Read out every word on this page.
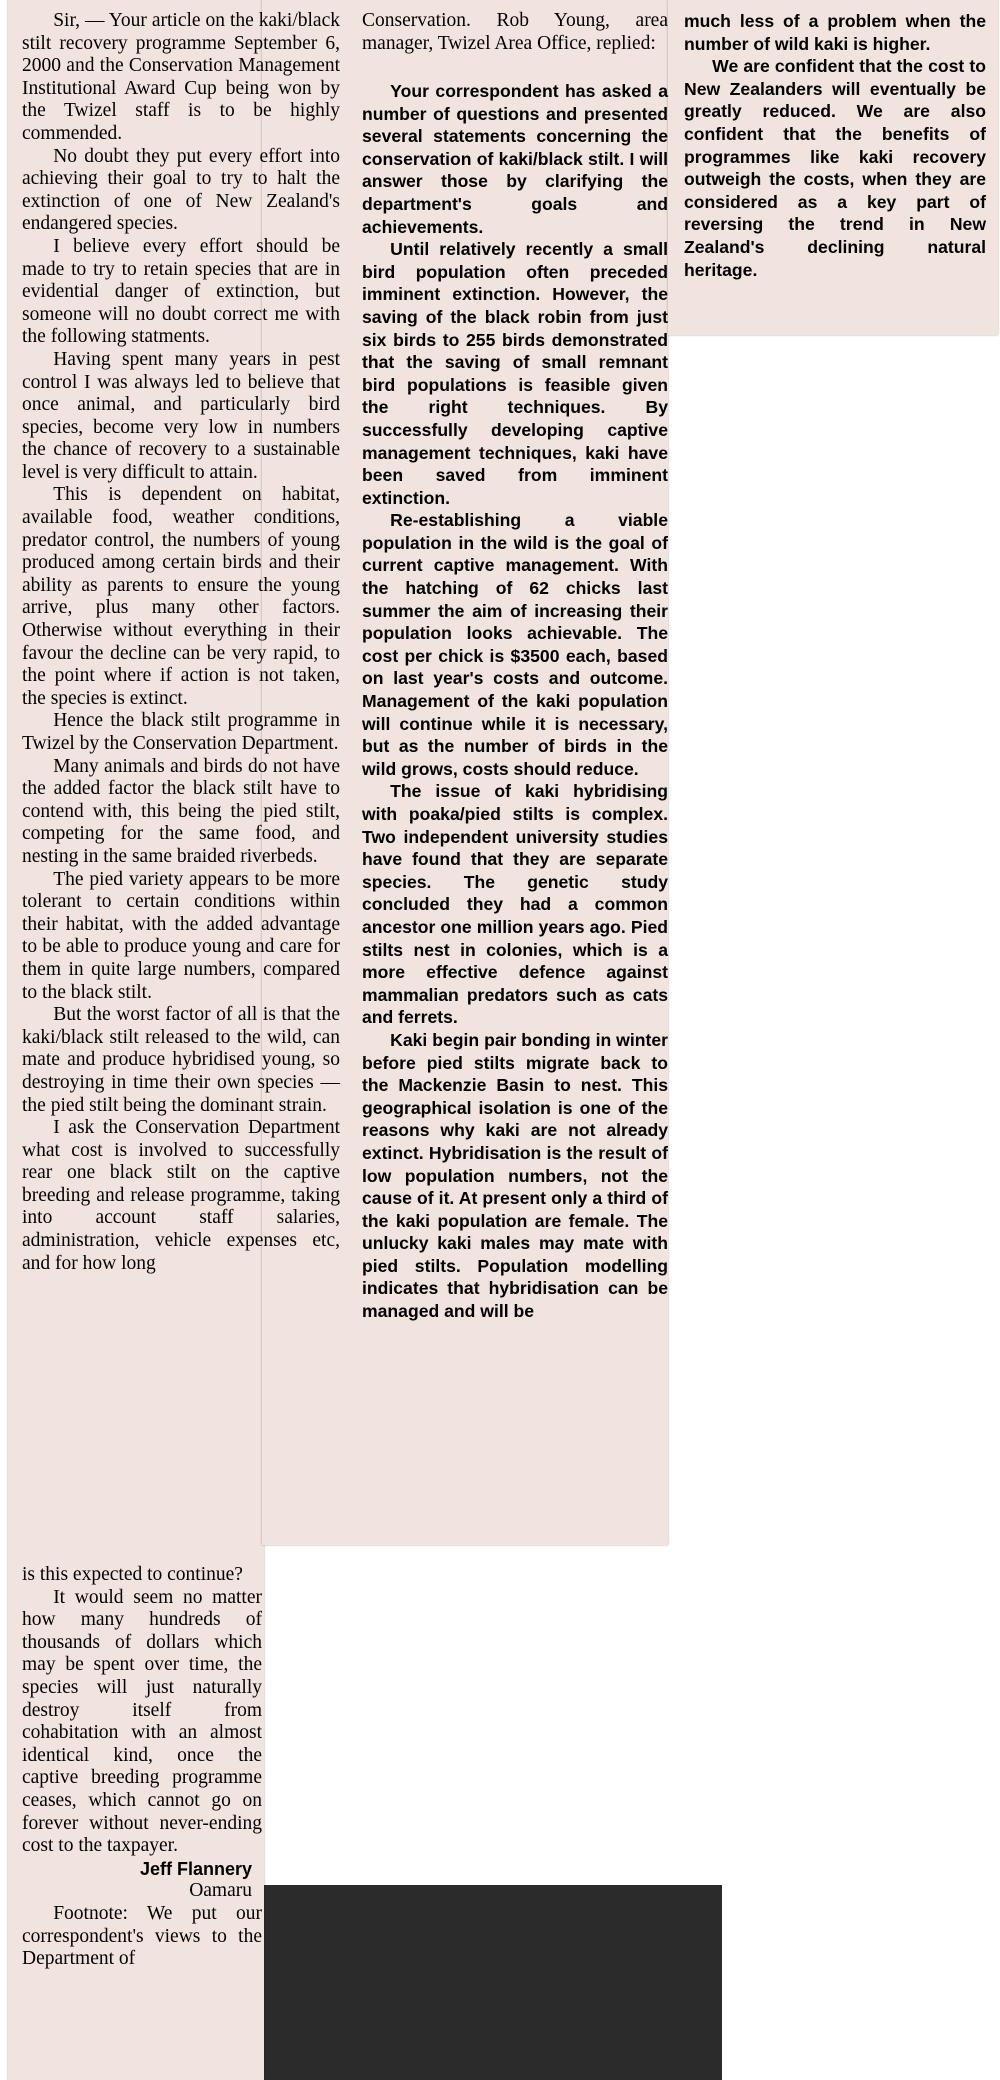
Sir, — Your article on the kaki/black stilt recovery programme September 6, 2000 and the Conservation Management Institutional Award Cup being won by the Twizel staff is to be highly commended.

No doubt they put every effort into achieving their goal to try to halt the extinction of one of New Zealand's endangered species.

I believe every effort should be made to try to retain species that are in evidential danger of extinction, but someone will no doubt correct me with the following statments.

Having spent many years in pest control I was always led to believe that once animal, and particularly bird species, become very low in numbers the chance of recovery to a sustainable level is very difficult to attain.

This is dependent on habitat, available food, weather conditions, predator control, the numbers of young produced among certain birds and their ability as parents to ensure the young arrive, plus many other factors. Otherwise without everything in their favour the decline can be very rapid, to the point where if action is not taken, the species is extinct.

Hence the black stilt programme in Twizel by the Conservation Department.

Many animals and birds do not have the added factor the black stilt have to contend with, this being the pied stilt, competing for the same food, and nesting in the same braided riverbeds.

The pied variety appears to be more tolerant to certain conditions within their habitat, with the added advantage to be able to produce young and care for them in quite large numbers, compared to the black stilt.

But the worst factor of all is that the kaki/black stilt released to the wild, can mate and produce hybridised young, so destroying in time their own species — the pied stilt being the dominant strain.

I ask the Conservation Department what cost is involved to successfully rear one black stilt on the captive breeding and release programme, taking into account staff salaries, administration, vehicle expenses etc, and for how long

is this expected to continue?

It would seem no matter how many hundreds of thousands of dollars which may be spent over time, the species will just naturally destroy itself from cohabitation with an almost identical kind, once the captive breeding programme ceases, which cannot go on forever without never-ending cost to the taxpayer.

Jeff Flannery
Oamaru

Footnote: We put our correspondent's views to the Department of

Conservation. Rob Young, area manager, Twizel Area Office, replied:

Your correspondent has asked a number of questions and presented several statements concerning the conservation of kaki/black stilt. I will answer those by clarifying the department's goals and achievements.

Until relatively recently a small bird population often preceded imminent extinction. However, the saving of the black robin from just six birds to 255 birds demonstrated that the saving of small remnant bird populations is feasible given the right techniques. By successfully developing captive management techniques, kaki have been saved from imminent extinction.

Re-establishing a viable population in the wild is the goal of current captive management. With the hatching of 62 chicks last summer the aim of increasing their population looks achievable. The cost per chick is $3500 each, based on last year's costs and outcome. Management of the kaki population will continue while it is necessary, but as the number of birds in the wild grows, costs should reduce.

The issue of kaki hybridising with poaka/pied stilts is complex. Two independent university studies have found that they are separate species. The genetic study concluded they had a common ancestor one million years ago. Pied stilts nest in colonies, which is a more effective defence against mammalian predators such as cats and ferrets.

Kaki begin pair bonding in winter before pied stilts migrate back to the Mackenzie Basin to nest. This geographical isolation is one of the reasons why kaki are not already extinct. Hybridisation is the result of low population numbers, not the cause of it. At present only a third of the kaki population are female. The unlucky kaki males may mate with pied stilts. Population modelling indicates that hybridisation can be managed and will be

much less of a problem when the number of wild kaki is higher.

We are confident that the cost to New Zealanders will eventually be greatly reduced. We are also confident that the benefits of programmes like kaki recovery outweigh the costs, when they are considered as a key part of reversing the trend in New Zealand's declining natural heritage.
